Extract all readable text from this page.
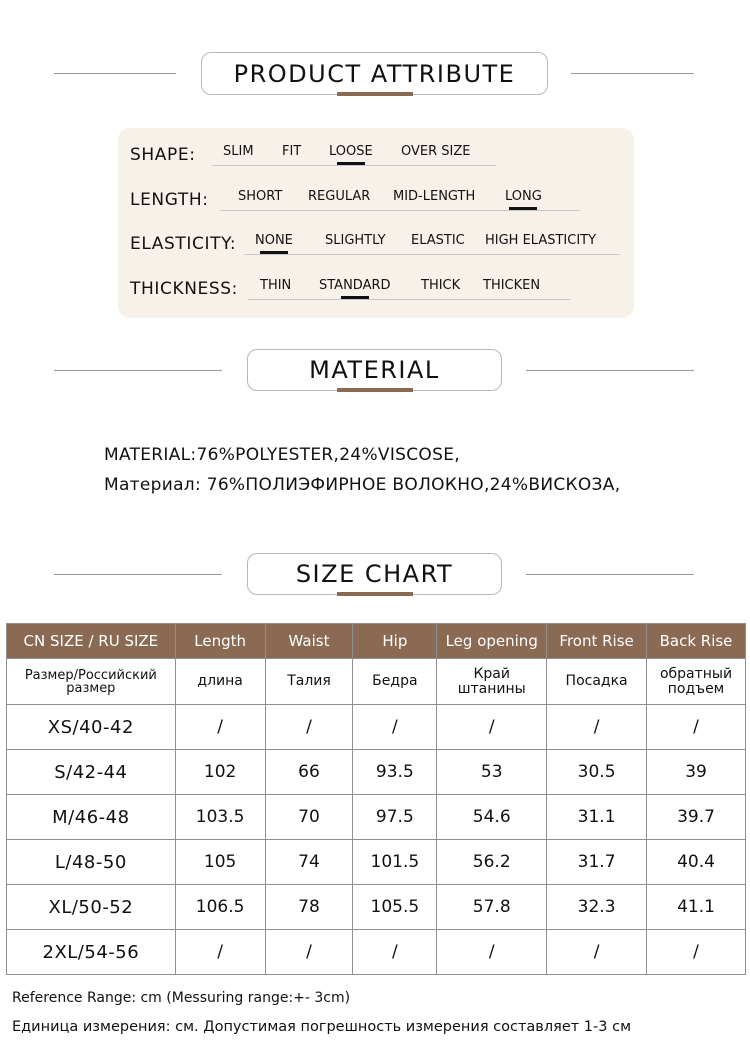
PRODUCT ATTRIBUTE
SHAPE: SLIM FIT LOOSE OVER SIZE
LENGTH: SHORT REGULAR MID-LENGTH LONG
ELASTICITY: NONE SLIGHTLY ELASTIC HIGH ELASTICITY
THICKNESS: THIN STANDARD THICK THICKEN
MATERIAL
MATERIAL:76%POLYESTER,24%VISCOSE,
Материал: 76%ПОЛИЭФИРНОЕ ВОЛОКНО,24%ВИСКОЗА,
SIZE CHART
CN SIZE / RU SIZE	Length	Waist	Hip	Leg opening	Front Rise	Back Rise
Размер/Российский размер	длина	Талия	Бедра	Край штанины	Посадка	обратный подъем
XS/40-42	/	/	/	/	/	/
S/42-44	102	66	93.5	53	30.5	39
M/46-48	103.5	70	97.5	54.6	31.1	39.7
L/48-50	105	74	101.5	56.2	31.7	40.4
XL/50-52	106.5	78	105.5	57.8	32.3	41.1
2XL/54-56	/	/	/	/	/	/
Reference Range: cm (Messuring range:+- 3cm)
Единица измерения: см. Допустимая погрешность измерения составляет 1-3 см
